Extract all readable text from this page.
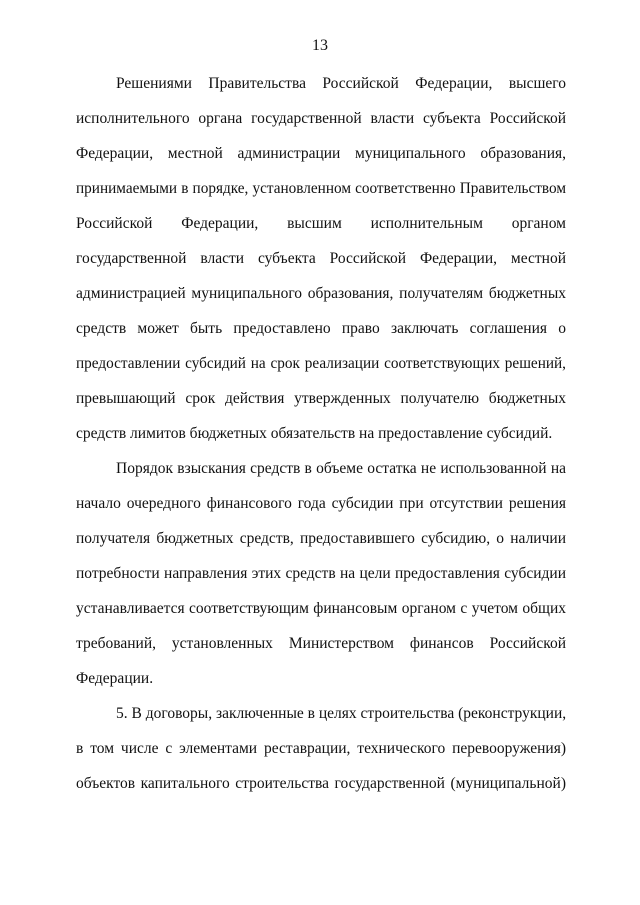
13
Решениями Правительства Российской Федерации, высшего
исполнительного органа государственной власти субъекта Российской
Федерации, местной администрации муниципального образования,
принимаемыми в порядке, установленном соответственно Правительством
Российской Федерации, высшим исполнительным органом
государственной власти субъекта Российской Федерации, местной
администрацией муниципального образования, получателям бюджетных
средств может быть предоставлено право заключать соглашения о
предоставлении субсидий на срок реализации соответствующих решений,
превышающий срок действия утвержденных получателю бюджетных
средств лимитов бюджетных обязательств на предоставление субсидий.
Порядок взыскания средств в объеме остатка не использованной на
начало очередного финансового года субсидии при отсутствии решения
получателя бюджетных средств, предоставившего субсидию, о наличии
потребности направления этих средств на цели предоставления субсидии
устанавливается соответствующим финансовым органом с учетом общих
требований, установленных Министерством финансов Российской
Федерации.
5. В договоры, заключенные в целях строительства (реконструкции,
в том числе с элементами реставрации, технического перевооружения)
объектов капитального строительства государственной (муниципальной)
